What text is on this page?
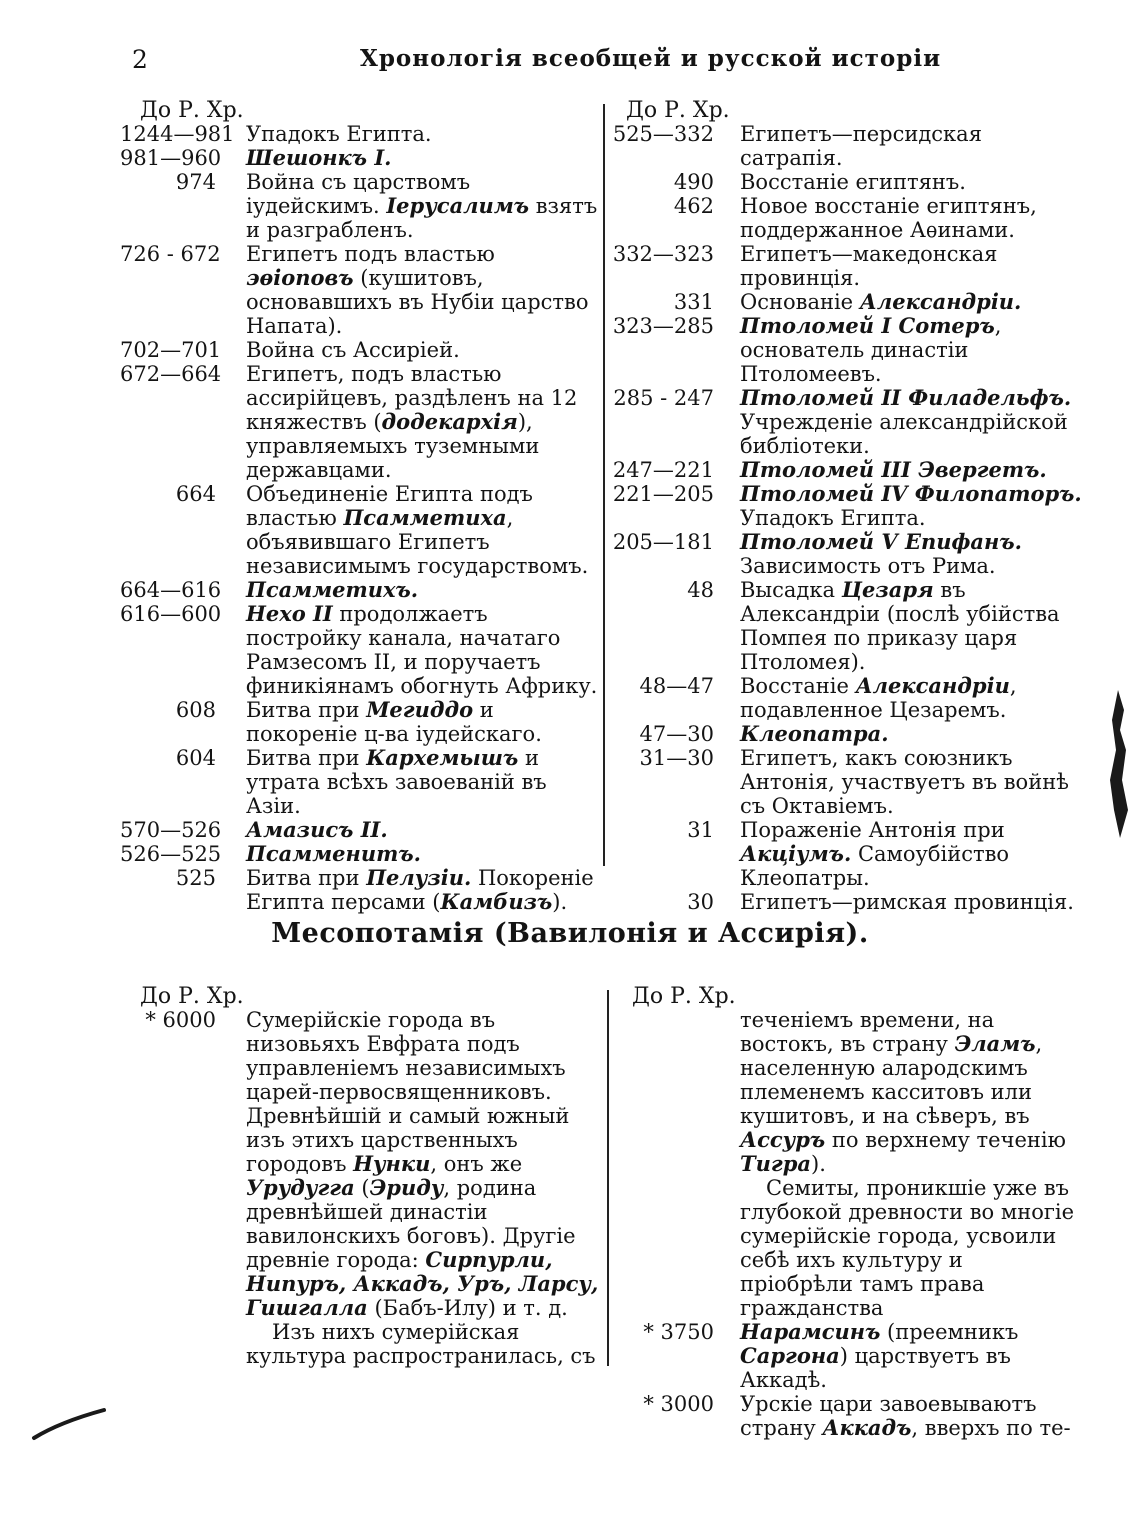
2	Хронологія всеобщей и русской исторіи
До Р. Хр.	До Р. Хр.
1244—981 Упадокъ Египта.
981—960	Шешонкъ I.
974	Война съ царствомъ іудейскимъ. Іерусалимъ взятъ и разграбленъ.
726 - 672	Египетъ подъ властью эѳіоповъ (кушитовъ, основавшихъ въ Нубіи царство Напата).
702—701	Война съ Ассиріей.
672—664	Египетъ, подъ властью ассирійцевъ, раздѣленъ на 12 княжествъ (додекархія), управляемыхъ туземными державцами.
664	Объединеніе Египта подъ властью Псамметиха, объявившаго Египетъ независимымъ государствомъ.
664—616	Псамметихъ.
616—600	Нехо II продолжаетъ постройку канала, начатаго Рамзесомъ II, и поручаетъ финикіянамъ обогнуть Африку.
608	Битва при Мегиддо и покореніе ц-ва іудейскаго.
604	Битва при Кархемышъ и утрата всѣхъ завоеваній въ Азіи.
570—526	Амазисъ II.
526—525	Псамменитъ.
525	Битва при Пелузіи. Покореніе Египта персами (Камбизъ).
525—332	Египетъ—персидская сатрапія.
490	Восстаніе египтянъ.
462	Новое восстаніе египтянъ, поддержанное Аѳинами.
332—323	Египетъ—македонская провинція.
331	Основаніе Александріи.
323—285	Птоломей I Сотеръ, основатель династіи Птоломеевъ.
285 - 247	Птоломей II Филадельфъ. Учрежденіе александрійской библіотеки.
247—221	Птоломей III Эвергетъ.
221—205	Птоломей IV Филопаторъ. Упадокъ Египта.
205—181	Птоломей V Епифанъ. Зависимость отъ Рима.
48	Высадка Цезаря въ Александріи (послѣ убійства Помпея по приказу царя Птоломея).
48—47	Восстаніе Александріи, подавленное Цезаремъ.
47—30	Клеопатра.
31—30	Египетъ, какъ союзникъ Антонія, участвуетъ въ войнѣ съ Октавіемъ.
31	Пораженіе Антонія при Акціумъ. Самоубійство Клеопатры.
30	Египетъ—римская провинція.
Месопотамія (Вавилонія и Ассирія).
До Р. Хр.	До Р. Хр.
* 6000	Сумерійскіе города въ низовьяхъ Евфрата подъ управленіемъ независимыхъ царей-первосвященниковъ. Древнѣйшій и самый южный изъ этихъ царственныхъ городовъ Нунки, онъ же Урудугга (Эриду, родина древнѣйшей династіи вавилонскихъ боговъ). Другіе древніе города: Сирпурли, Нипуръ, Аккадъ, Уръ, Ларсу, Гишгалла (Бабъ-Илу) и т. д.
Изъ нихъ сумерійская культура распространилась, съ
теченіемъ времени, на востокъ, въ страну Эламъ, населенную алародскимъ племенемъ касситовъ или кушитовъ, и на сѣверъ, въ Ассуръ по верхнему теченію Тигра).
Семиты, проникшіе уже въ глубокой древности во многіе сумерійскіе города, усвоили себѣ ихъ культуру и пріобрѣли тамъ права гражданства
* 3750	Нарамсинъ (преемникъ Саргона) царствуетъ въ Аккадѣ.
* 3000	Урскіе цари завоевываютъ страну Аккадъ, вверхъ по те-
